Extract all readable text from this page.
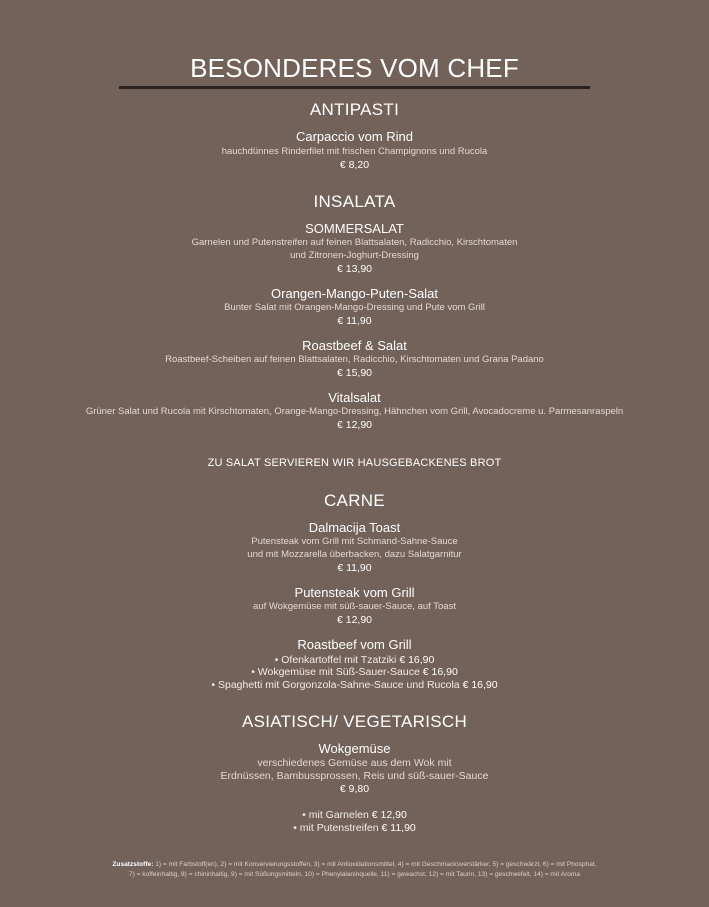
BESONDERES VOM CHEF
ANTIPASTI
Carpaccio vom Rind
hauchdünnes Rinderfilet mit frischen Champignons und Rucola
€ 8,20
INSALATA
SOMMERSALAT
Garnelen und Putenstreifen auf feinen Blattsalaten, Radicchio, Kirschtomaten
und Zitronen-Joghurt-Dressing
€ 13,90
Orangen-Mango-Puten-Salat
Bunter Salat mit Orangen-Mango-Dressing und Pute vom Grill
€ 11,90
Roastbeef & Salat
Roastbeef-Scheiben auf feinen Blattsalaten, Radicchio, Kirschtomaten und Grana Padano
€ 15,90
Vitalsalat
Grüner Salat und Rucola mit Kirschtomaten, Orange-Mango-Dressing, Hähnchen vom Grill, Avocadocreme u. Parmesanraspeln
€ 12,90
ZU SALAT SERVIEREN WIR HAUSGEBACKENES BROT
CARNE
Dalmacija Toast
Putensteak vom Grill mit Schmand-Sahne-Sauce
und mit Mozzarella überbacken, dazu Salatgarnitur
€ 11,90
Putensteak vom Grill
auf Wokgemüse mit süß-sauer-Sauce, auf Toast
€ 12,90
Roastbeef vom Grill
• Ofenkartoffel mit Tzatziki € 16,90
• Wokgemüse mit Süß-Sauer-Sauce € 16,90
• Spaghetti mit Gorgonzola-Sahne-Sauce und Rucola € 16,90
ASIATISCH/ VEGETARISCH
Wokgemüse
verschiedenes Gemüse aus dem Wok mit
Erdnüssen, Bambussprossen, Reis und süß-sauer-Sauce
€ 9,80
• mit Garnelen € 12,90
• mit Putenstreifen € 11,90
Zusatzstoffe: 1) = mit Farbstoff(en), 2) = mit Konservierungsstoffen, 3) = mit Antioxidationsmittel, 4) = mit Geschmacksverstärker, 5) = geschwärzt, 6) = mit Phosphat,
7) = koffeinhaltig, 8) = chininhaltig, 9) = mit Süßungsmitteln, 10) = Phenylalaninquelle, 11) = gewachst, 12) = mit Taurin, 13) = geschwefelt, 14) = mit Aroma
